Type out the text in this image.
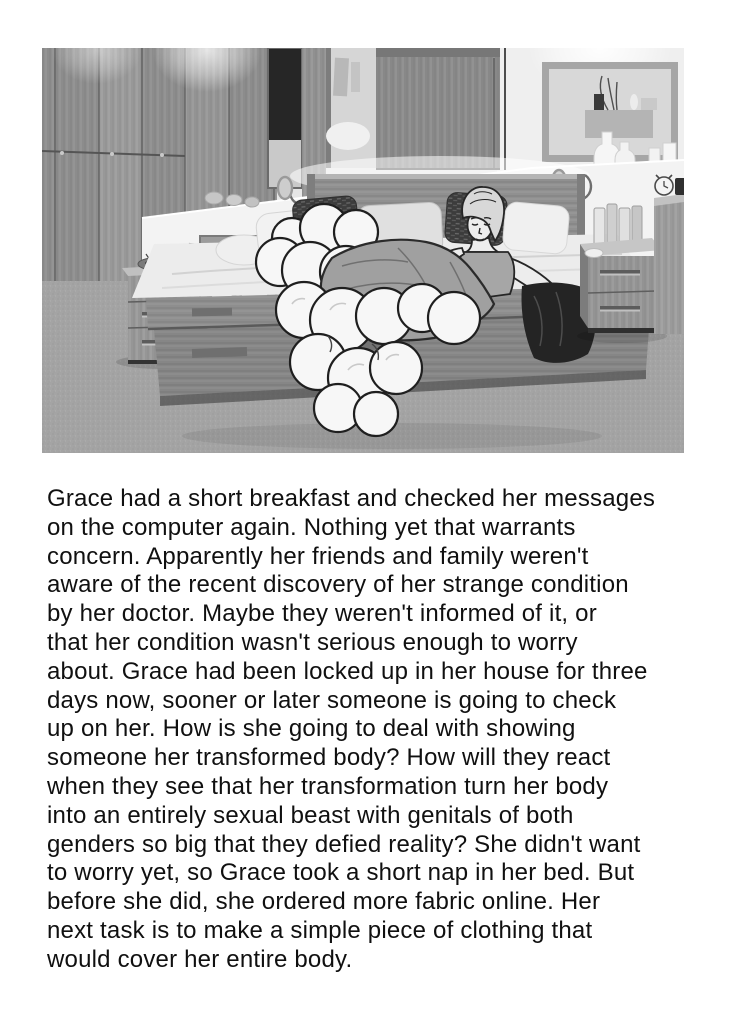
Grace had a short breakfast and checked her messages
on the computer again. Nothing yet that warrants
concern. Apparently her friends and family weren't
aware of the recent discovery of her strange condition
by her doctor. Maybe they weren't informed of it, or
that her condition wasn't serious enough to worry
about. Grace had been locked up in her house for three
days now, sooner or later someone is going to check
up on her. How is she going to deal with showing
someone her transformed body? How will they react
when they see that her transformation turn her body
into an entirely sexual beast with genitals of both
genders so big that they defied reality? She didn't want
to worry yet, so Grace took a short nap in her bed. But
before she did, she ordered more fabric online. Her
next task is to make a simple piece of clothing that
would cover her entire body.
